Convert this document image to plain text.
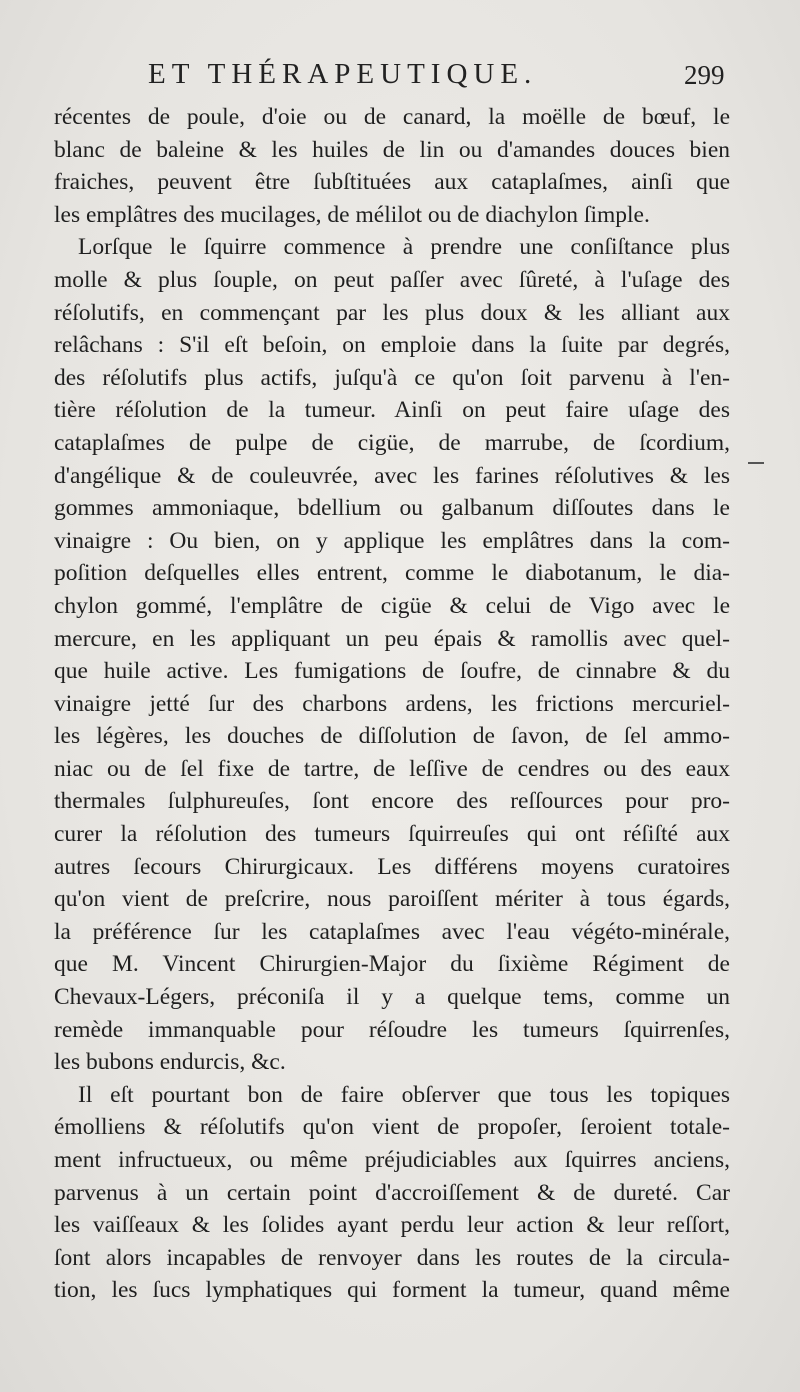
ET THÉRAPEUTIQUE.	299
récentes de poule, d'oie ou de canard, la moëlle de bœuf, le
blanc de baleine & les huiles de lin ou d'amandes douces bien
fraiches, peuvent être ſubſtituées aux cataplaſmes, ainſi que
les emplâtres des mucilages, de mélilot ou de diachylon ſimple.
Lorſque le ſquirre commence à prendre une conſiſtance plus
molle & plus ſouple, on peut paſſer avec ſûreté, à l'uſage des
réſolutifs, en commençant par les plus doux & les alliant aux
relâchans : S'il eſt beſoin, on emploie dans la ſuite par degrés,
des réſolutifs plus actifs, juſqu'à ce qu'on ſoit parvenu à l'en-
tière réſolution de la tumeur. Ainſi on peut faire uſage des
cataplaſmes de pulpe de cigüe, de marrube, de ſcordium,
d'angélique & de couleuvrée, avec les farines réſolutives & les
gommes ammoniaque, bdellium ou galbanum diſſoutes dans le
vinaigre : Ou bien, on y applique les emplâtres dans la com-
poſition deſquelles elles entrent, comme le diabotanum, le dia-
chylon gommé, l'emplâtre de cigüe & celui de Vigo avec le
mercure, en les appliquant un peu épais & ramollis avec quel-
que huile active. Les fumigations de ſoufre, de cinnabre & du
vinaigre jetté ſur des charbons ardens, les frictions mercuriel-
les légères, les douches de diſſolution de ſavon, de ſel ammo-
niac ou de ſel fixe de tartre, de leſſive de cendres ou des eaux
thermales ſulphureuſes, ſont encore des reſſources pour pro-
curer la réſolution des tumeurs ſquirreuſes qui ont réſiſté aux
autres ſecours Chirurgicaux. Les différens moyens curatoires
qu'on vient de preſcrire, nous paroiſſent mériter à tous égards,
la préférence ſur les cataplaſmes avec l'eau végéto-minérale,
que M. Vincent Chirurgien-Major du ſixième Régiment de
Chevaux-Légers, préconiſa il y a quelque tems, comme un
remède immanquable pour réſoudre les tumeurs ſquirrenſes,
les bubons endurcis, &c.
Il eſt pourtant bon de faire obſerver que tous les topiques
émolliens & réſolutifs qu'on vient de propoſer, ſeroient totale-
ment infructueux, ou même préjudiciables aux ſquirres anciens,
parvenus à un certain point d'accroiſſement & de dureté. Car
les vaiſſeaux & les ſolides ayant perdu leur action & leur reſſort,
ſont alors incapables de renvoyer dans les routes de la circula-
tion, les ſucs lymphatiques qui forment la tumeur, quand même
